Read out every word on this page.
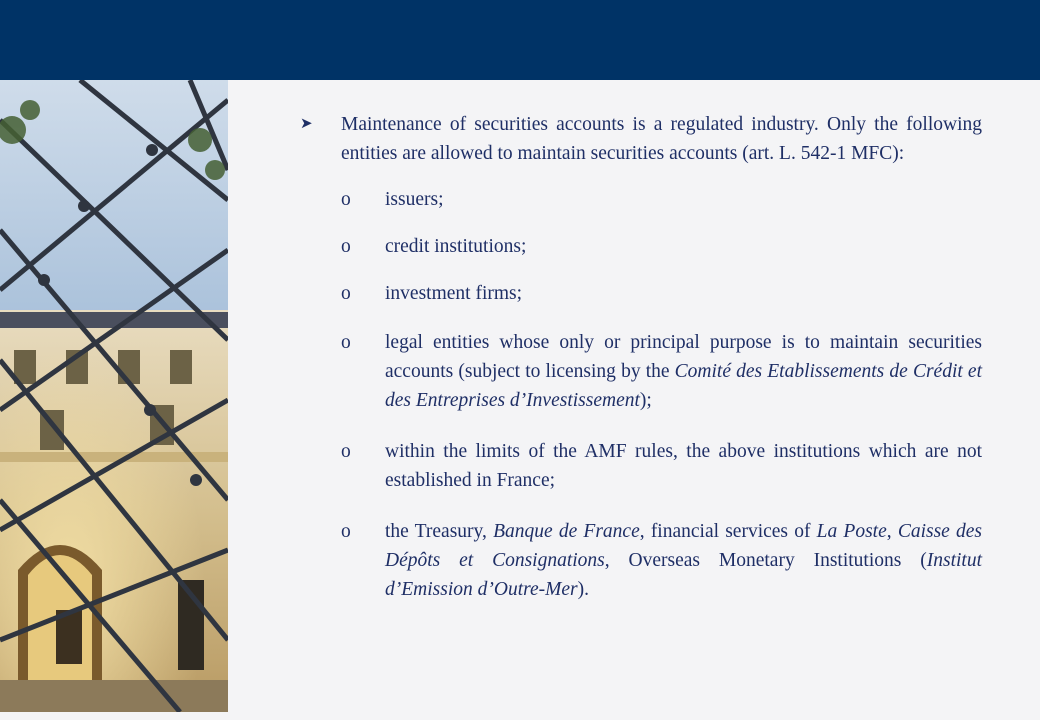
➤	Maintenance of securities accounts is a regulated industry. Only the following entities are allowed to maintain securities accounts (art. L. 542-1 MFC):
o	issuers;
o	credit institutions;
o	investment firms;
o	legal entities whose only or principal purpose is to maintain securities accounts (subject to licensing by the Comité des Etablissements de Crédit et des Entreprises d’Investissement);
o	within the limits of the AMF rules, the above institutions which are not established in France;
o	the Treasury, Banque de France, financial services of La Poste, Caisse des Dépôts et Consignations, Overseas Monetary Institutions (Institut d’Emission d’Outre-Mer).
